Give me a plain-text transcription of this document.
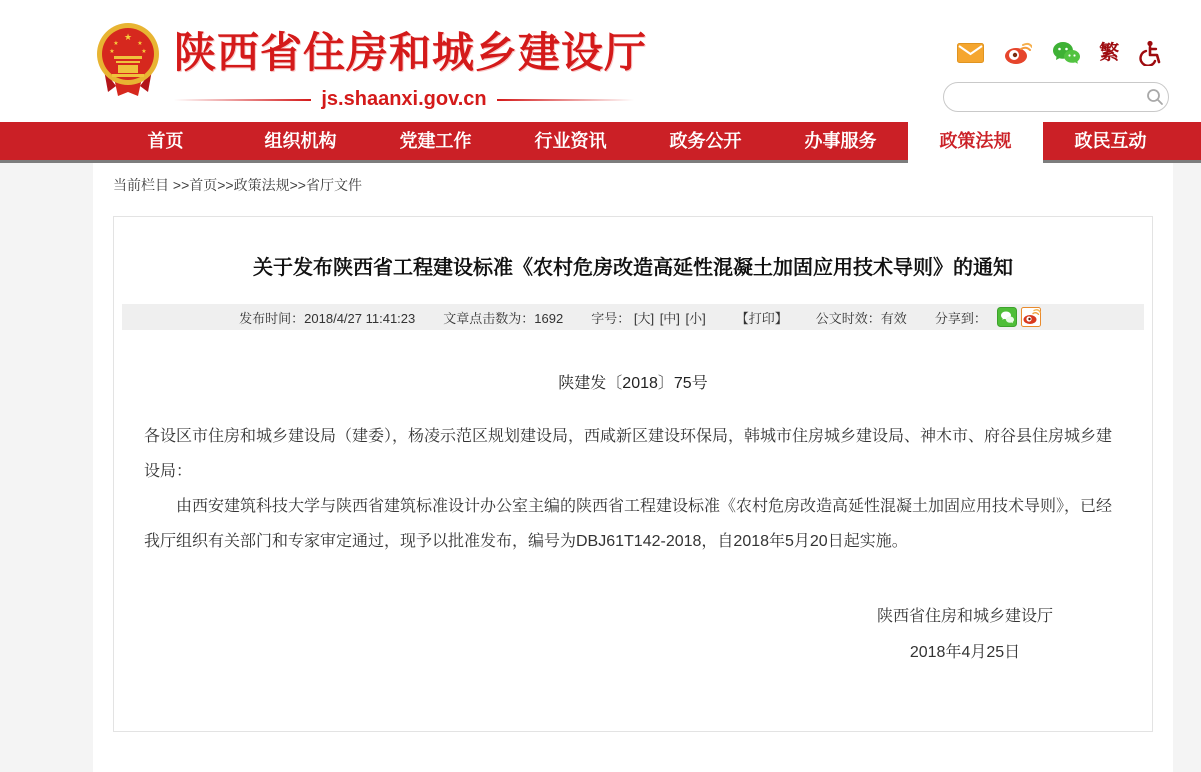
★
★	★
★	★ 陕西省住房和城乡建设厅
js.shaanxi.gov.cn
繁
首页	组织机构	党建工作	行业资讯	政务公开	办事服务	政策法规	政民互动
当前栏目 >>首页>>政策法规>>省厅文件
关于发布陕西省工程建设标准《农村危房改造高延性混凝土加固应用技术导则》的通知
发布时间：2018/4/27 11:41:23 文章点击数为：1692 字号： [大] [中] [小] 【打印】 公文时效：有效 分享到：
陕建发〔2018〕75号

各设区市住房和城乡建设局（建委），杨凌示范区规划建设局，西咸新区建设环保局，韩城市住房城乡建设局、神木市、府谷县住房城乡建设局：

由西安建筑科技大学与陕西省建筑标准设计办公室主编的陕西省工程建设标准《农村危房改造高延性混凝土加固应用技术导则》，已经我厅组织有关部门和专家审定通过，现予以批准发布，编号为DBJ61T142-2018，自2018年5月20日起实施。

陕西省住房和城乡建设厅
2018年4月25日
